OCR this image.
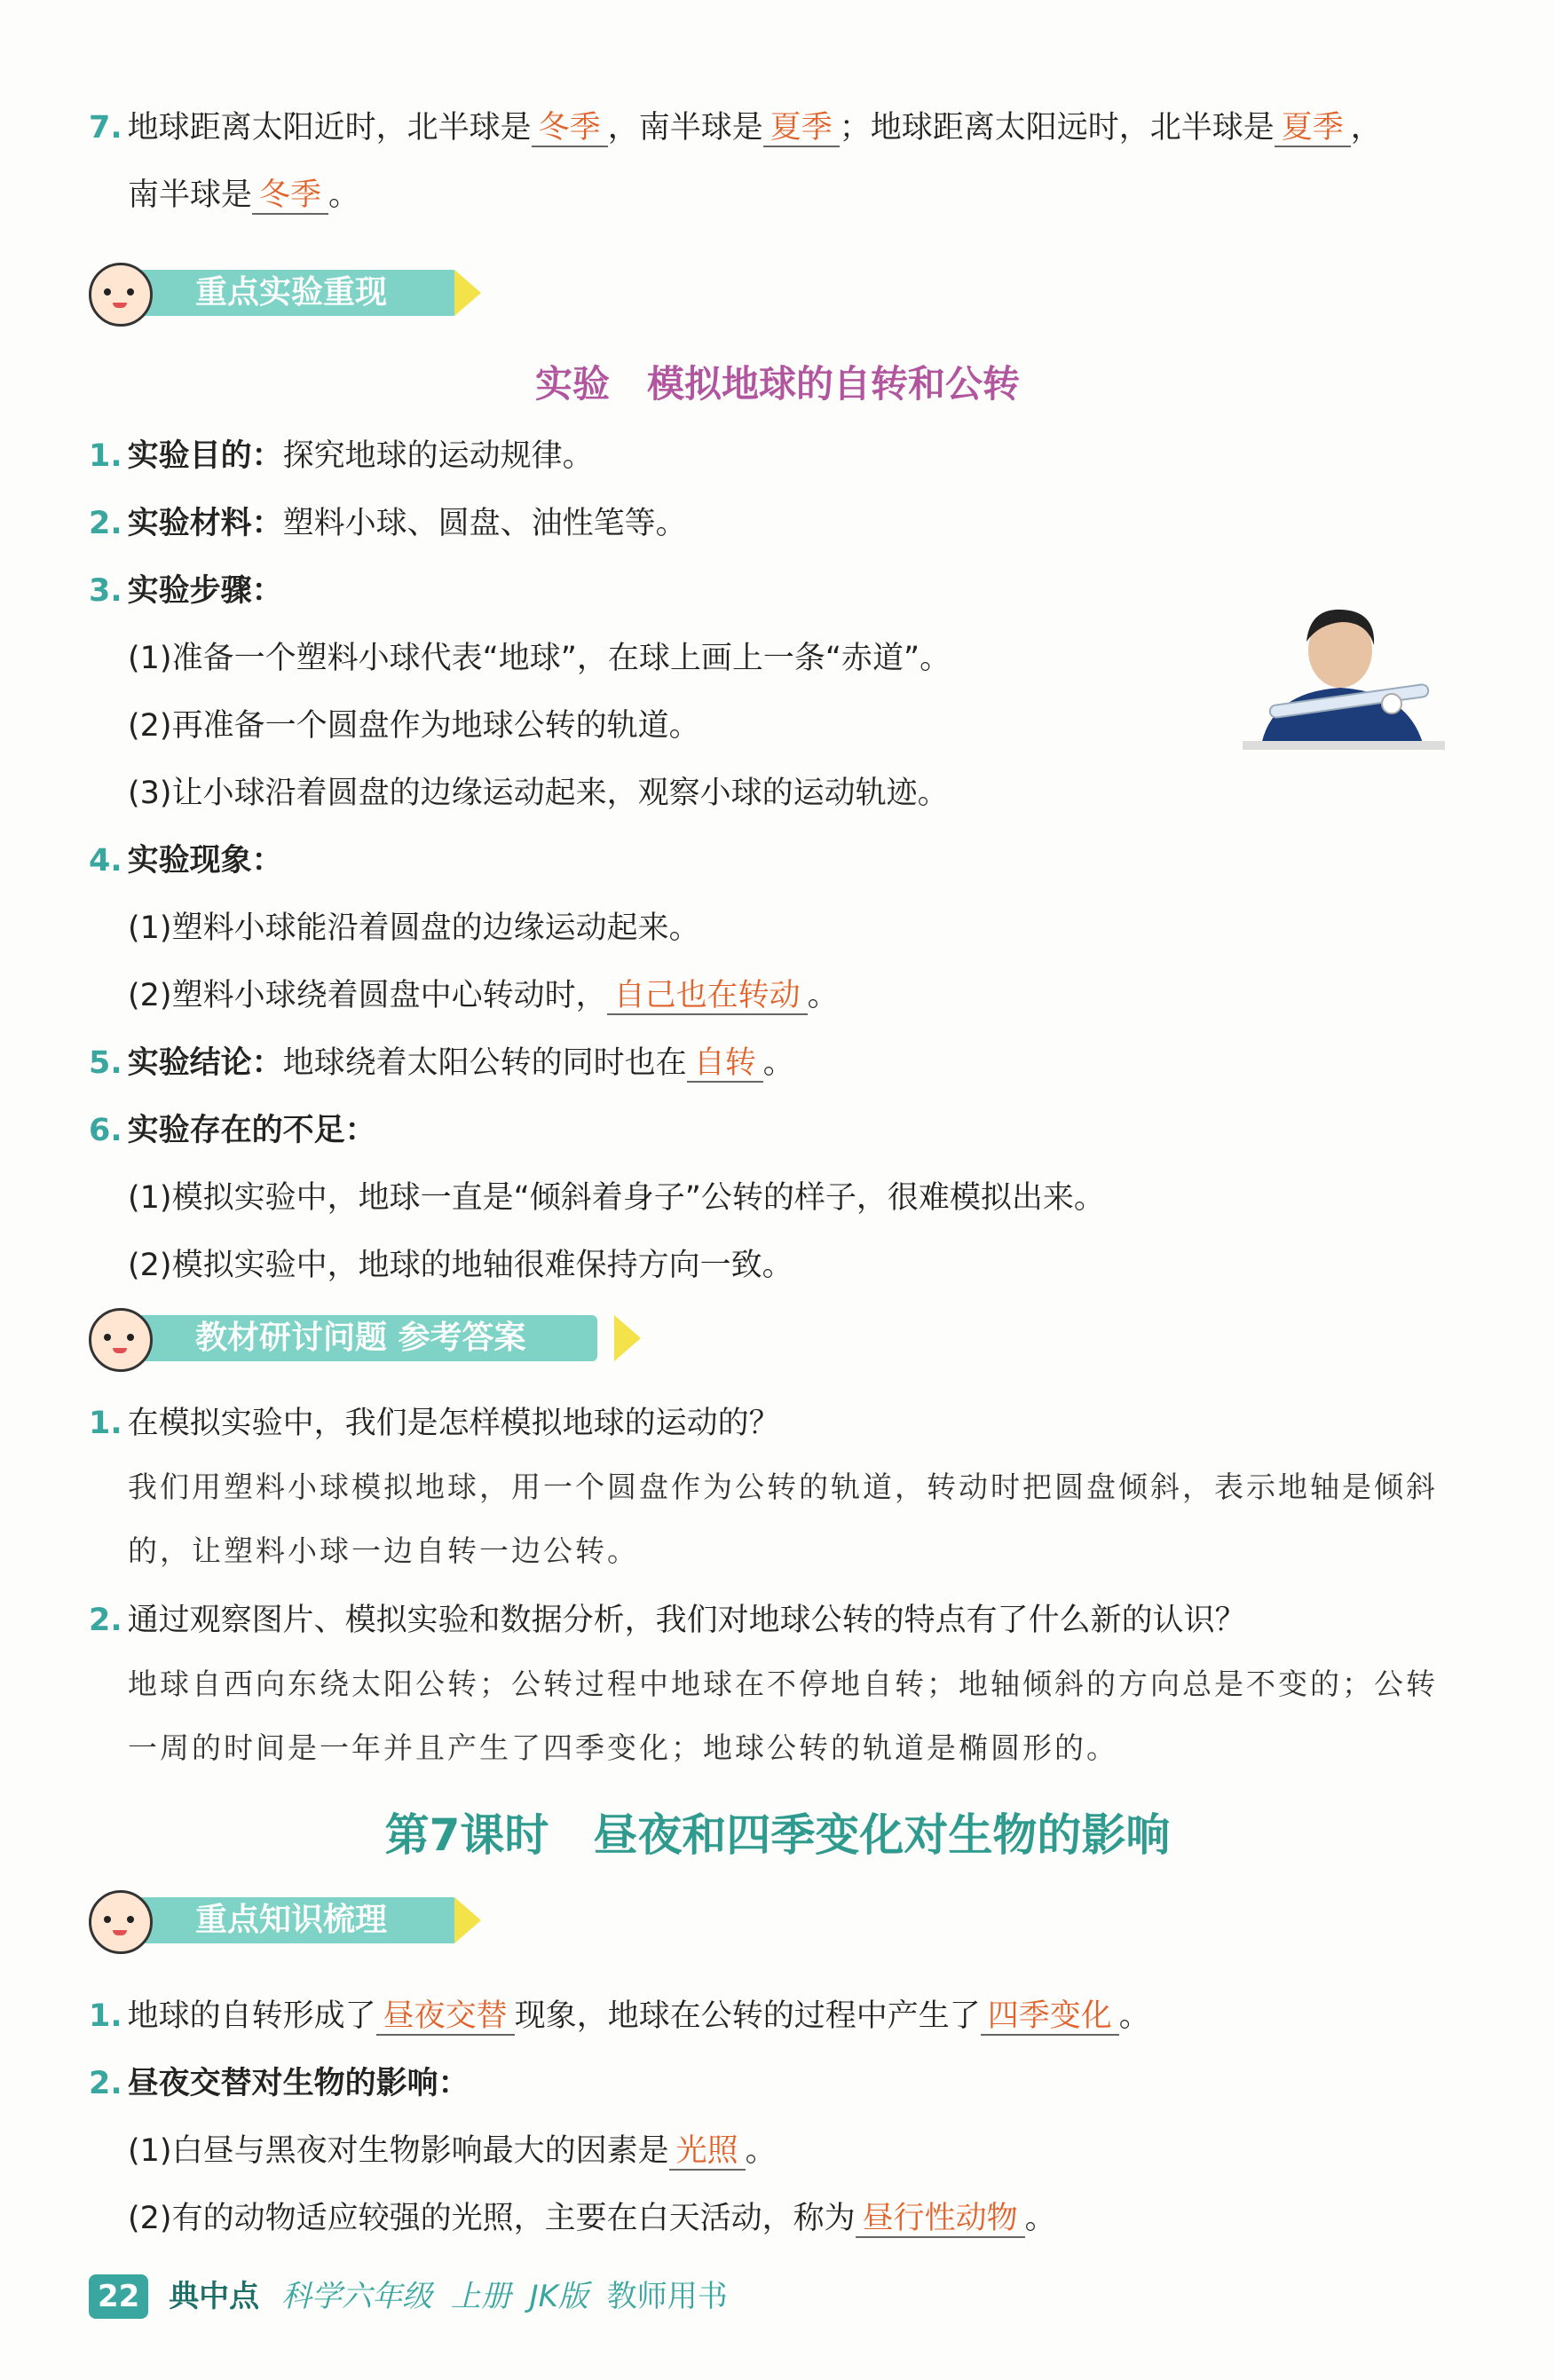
7. 地球距离太阳近时，北半球是 冬季 ，南半球是 夏季 ；地球距离太阳远时，北半球是 夏季 ，
南半球是 冬季 。
重点实验重现
实验　模拟地球的自转和公转
1. 实验目的：探究地球的运动规律。
2. 实验材料：塑料小球、圆盘、油性笔等。
3. 实验步骤：
(1)准备一个塑料小球代表“地球”，在球上画上一条“赤道”。
(2)再准备一个圆盘作为地球公转的轨道。
(3)让小球沿着圆盘的边缘运动起来，观察小球的运动轨迹。
4. 实验现象：
(1)塑料小球能沿着圆盘的边缘运动起来。
(2)塑料小球绕着圆盘中心转动时， 自己也在转动 。
5. 实验结论：地球绕着太阳公转的同时也在 自转 。
6. 实验存在的不足：
(1)模拟实验中，地球一直是“倾斜着身子”公转的样子，很难模拟出来。
(2)模拟实验中，地球的地轴很难保持方向一致。
教材研讨问题 参考答案
1. 在模拟实验中，我们是怎样模拟地球的运动的？
我们用塑料小球模拟地球，用一个圆盘作为公转的轨道，转动时把圆盘倾斜，表示地轴是倾斜
的，让塑料小球一边自转一边公转。
2. 通过观察图片、模拟实验和数据分析，我们对地球公转的特点有了什么新的认识？
地球自西向东绕太阳公转；公转过程中地球在不停地自转；地轴倾斜的方向总是不变的；公转
一周的时间是一年并且产生了四季变化；地球公转的轨道是椭圆形的。
第7课时　昼夜和四季变化对生物的影响
重点知识梳理
1. 地球的自转形成了 昼夜交替 现象，地球在公转的过程中产生了 四季变化 。
2. 昼夜交替对生物的影响：
(1)白昼与黑夜对生物影响最大的因素是 光照 。
(2)有的动物适应较强的光照，主要在白天活动，称为 昼行性动物 。
22 典中点 科学六年级 上册 JK版 教师用书
